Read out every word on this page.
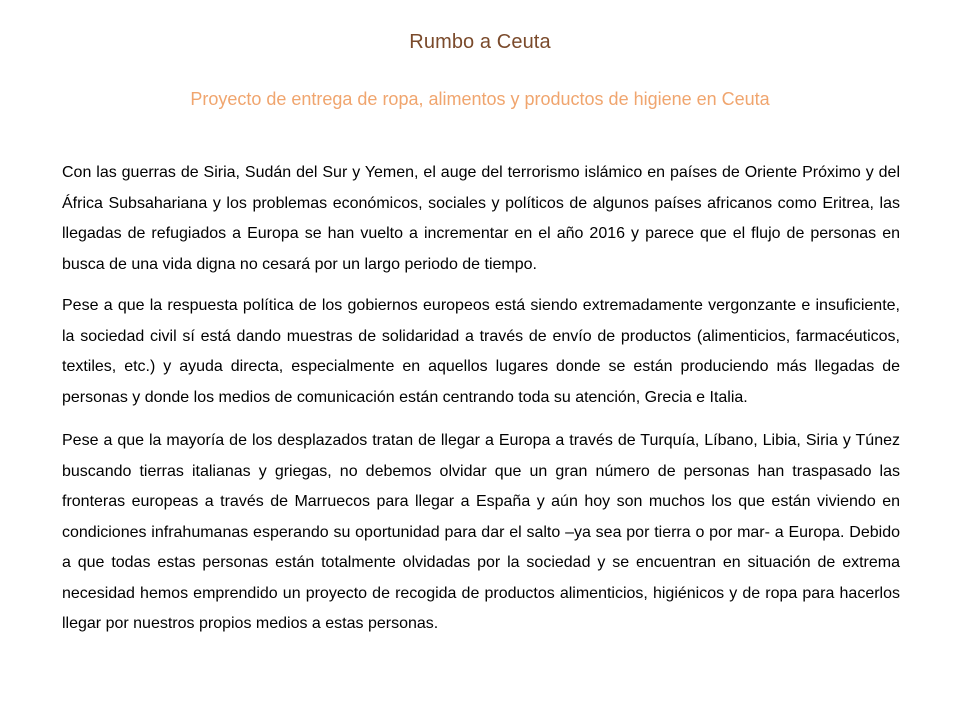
Rumbo a Ceuta
Proyecto de entrega de ropa, alimentos y productos de higiene en Ceuta

Con las guerras de Siria, Sudán del Sur y Yemen, el auge del terrorismo islámico en países de Oriente Próximo y del África Subsahariana y los problemas económicos, sociales y políticos de algunos países africanos como Eritrea, las llegadas de refugiados a Europa se han vuelto a incrementar en el año 2016 y parece que el flujo de personas en busca de una vida digna no cesará por un largo periodo de tiempo.

Pese a que la respuesta política de los gobiernos europeos está siendo extremadamente vergonzante e insuficiente, la sociedad civil sí está dando muestras de solidaridad a través de envío de productos (alimenticios, farmacéuticos, textiles, etc.) y ayuda directa, especialmente en aquellos lugares donde se están produciendo más llegadas de personas y donde los medios de comunicación están centrando toda su atención, Grecia e Italia.

Pese a que la mayoría de los desplazados tratan de llegar a Europa a través de Turquía, Líbano, Libia, Siria y Túnez buscando tierras italianas y griegas, no debemos olvidar que un gran número de personas han traspasado las fronteras europeas a través de Marruecos para llegar a España y aún hoy son muchos los que están viviendo en condiciones infrahumanas esperando su oportunidad para dar el salto –ya sea por tierra o por mar- a Europa. Debido a que todas estas personas están totalmente olvidadas por la sociedad y se encuentran en situación de extrema necesidad hemos emprendido un proyecto de recogida de productos alimenticios, higiénicos y de ropa para hacerlos llegar por nuestros propios medios a estas personas.
